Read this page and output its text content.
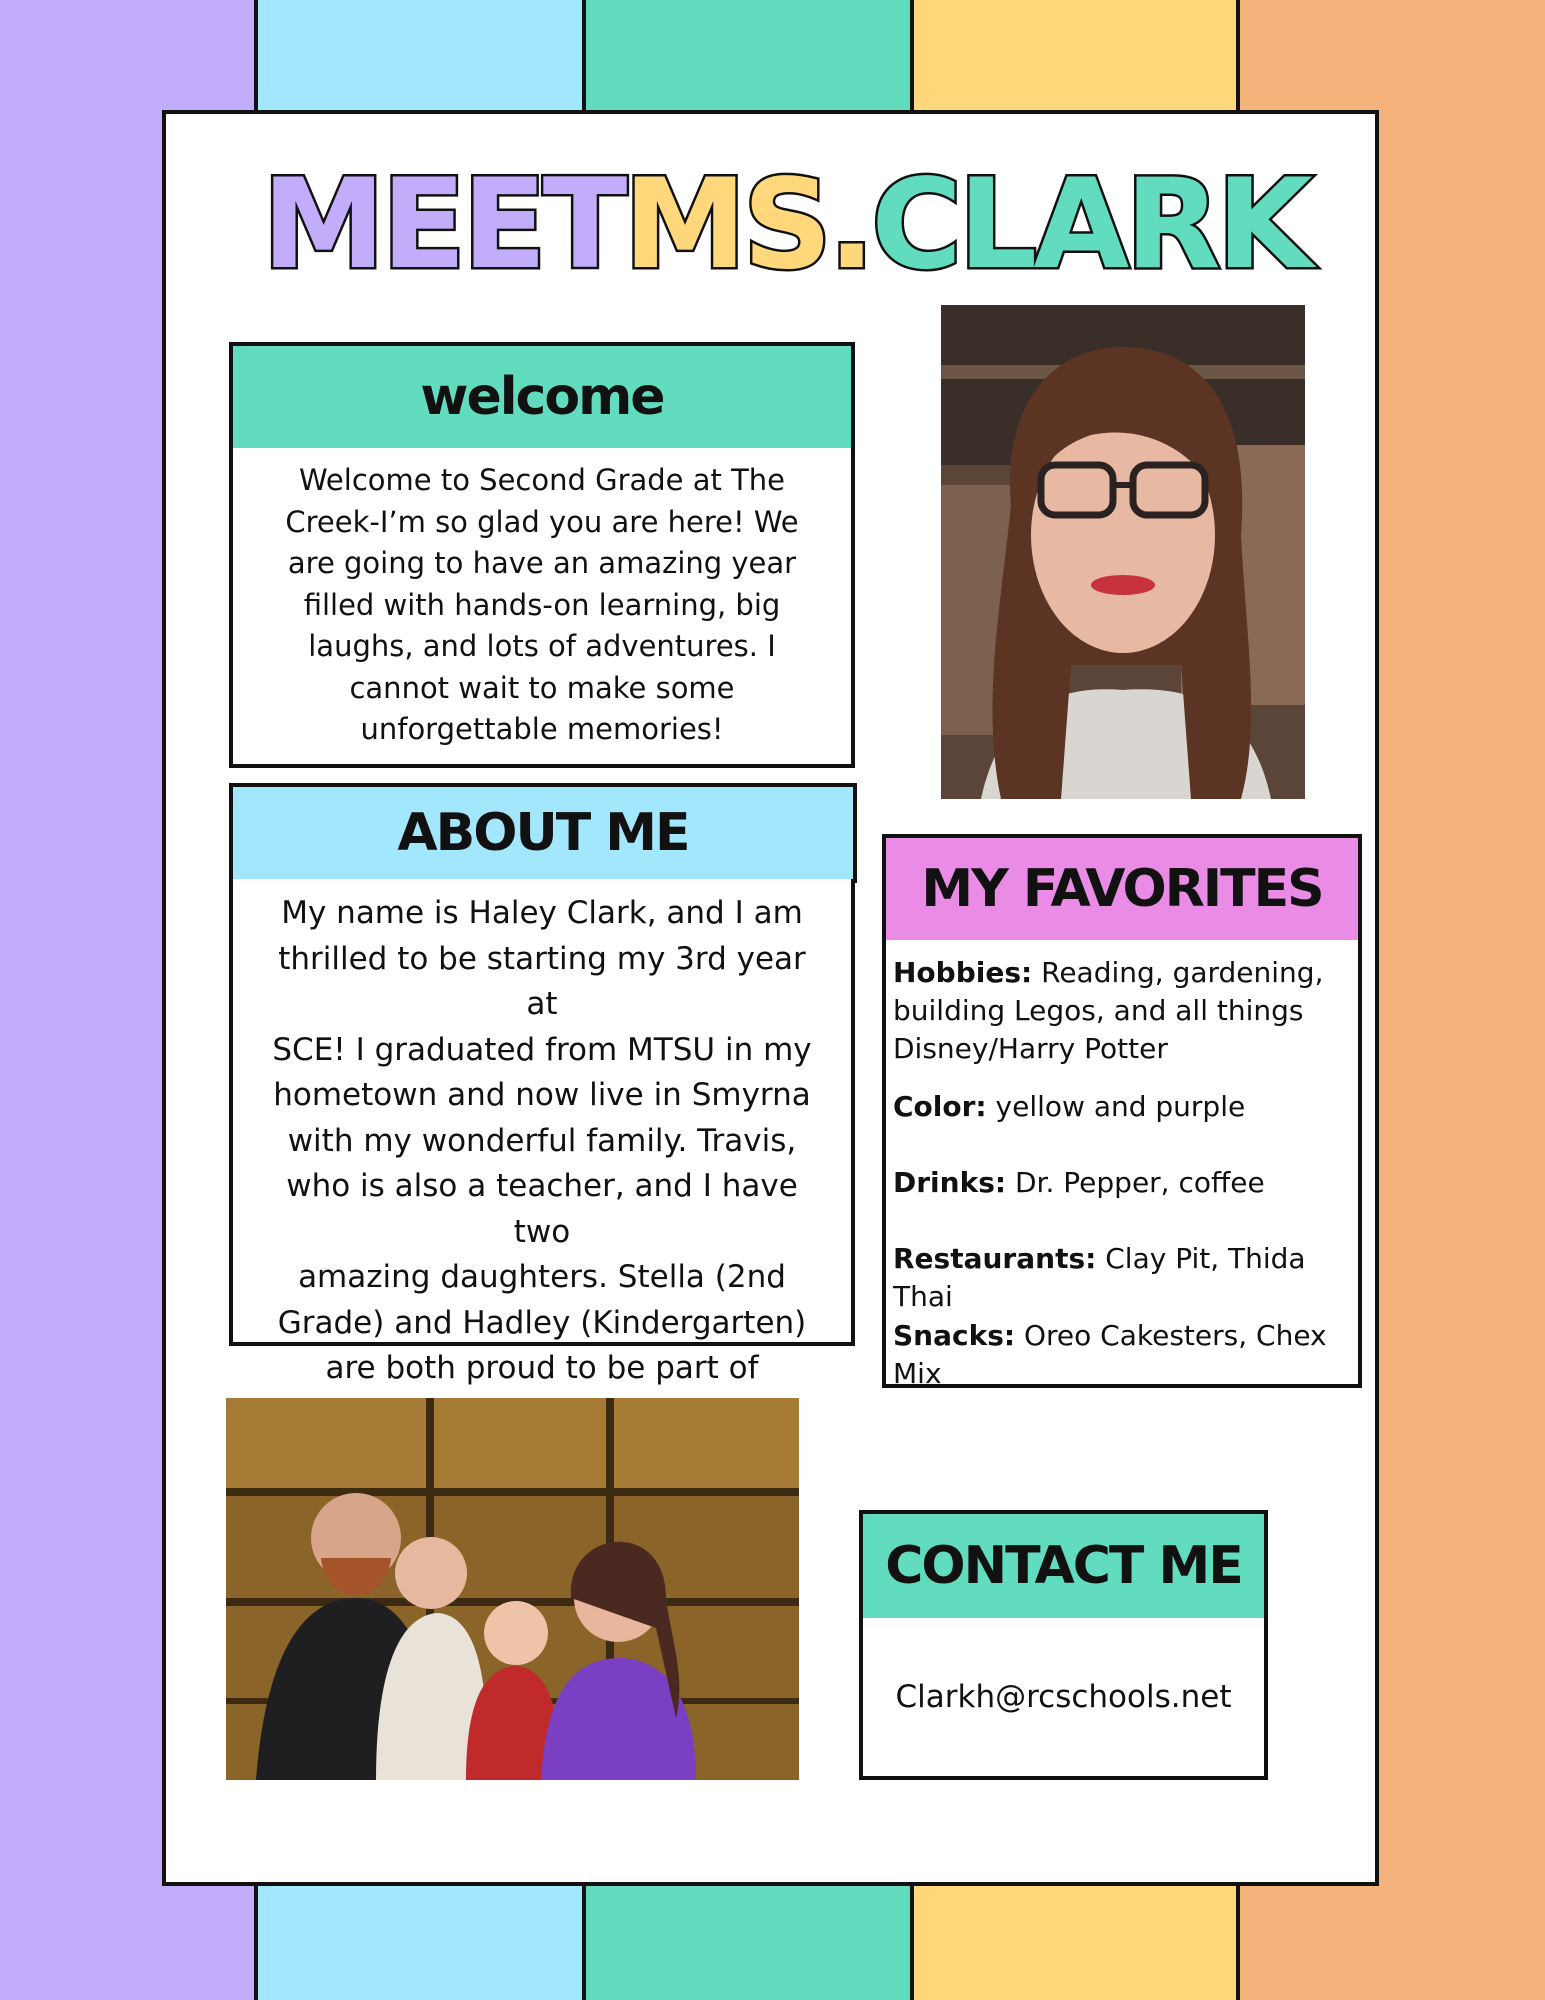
MEET MS. CLARK
welcome
Welcome to Second Grade at The
Creek-I’m so glad you are here! We
are going to have an amazing year
filled with hands-on learning, big
laughs, and lots of adventures. I
cannot wait to make some
unforgettable memories!
ABOUT ME
My name is Haley Clark, and I am
thrilled to be starting my 3rd year at
SCE! I graduated from MTSU in my
hometown and now live in Smyrna
with my wonderful family. Travis,
who is also a teacher, and I have two
amazing daughters. Stella (2nd
Grade) and Hadley (Kindergarten)
are both proud to be part of
MY FAVORITES
Hobbies: Reading, gardening,
building Legos, and all things
Disney/Harry Potter
Color: yellow and purple
Drinks: Dr. Pepper, coffee
Restaurants: Clay Pit, Thida Thai
Snacks: Oreo Cakesters, Chex Mix
CONTACT ME
Clarkh@rcschools.net
